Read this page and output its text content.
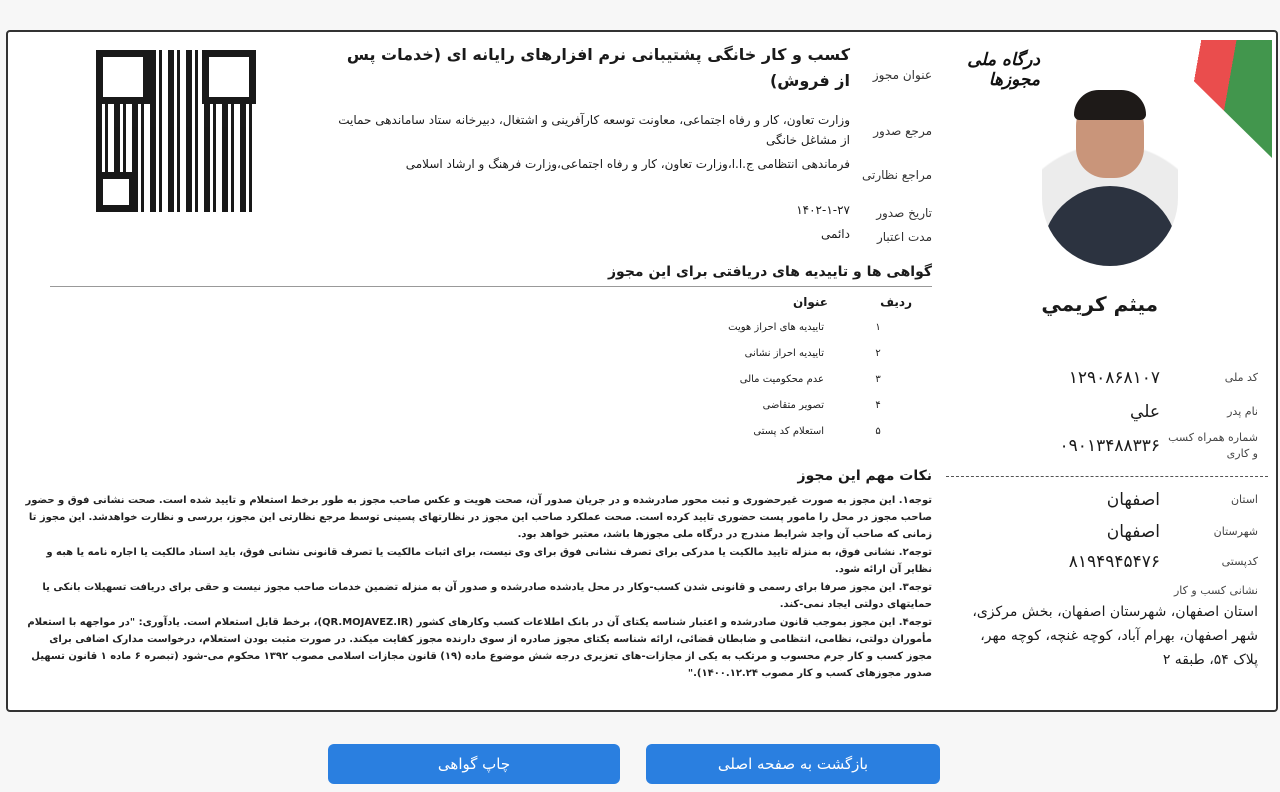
درگاه ملی مجوزها
ميثم کريمي
کد ملی
۱۲۹۰۸۶۸۱۰۷
نام پدر
علي
شماره همراه کسب و کاری
۰۹۰۱۳۴۸۸۳۳۶
استان
اصفهان
شهرستان
اصفهان
کدپستی
۸۱۹۴۹۴۵۴۷۶
نشانی کسب و کار
استان اصفهان، شهرستان اصفهان، بخش مرکزی، شهر اصفهان، بهرام آباد، کوچه غنچه، کوچه مهر، پلاک ۵۴، طبقه ۲
عنوان مجوز
کسب و کار خانگی پشتیبانی نرم افزارهای رایانه ای (خدمات پس از فروش)
مرجع صدور
وزارت تعاون، کار و رفاه اجتماعی، معاونت توسعه کارآفرینی و اشتغال، دبیرخانه ستاد ساماندهی حمایت از مشاغل خانگی
مراجع نظارتی
فرماندهی انتظامی ج.ا.ا،وزارت تعاون، کار و رفاه اجتماعی،وزارت فرهنگ و ارشاد اسلامی
تاریخ صدور
۱۴۰۲-۱-۲۷
مدت اعتبار
دائمی
گواهی ها و تاییدیه های دریافتی برای این مجوز
ردیف
عنوان
۱
تاییدیه های احراز هویت
۲
تاییدیه احراز نشانی
۳
عدم محکومیت مالی
۴
تصویر متقاضی
۵
استعلام کد پستی
نکات مهم این مجوز

توجه۱. این مجوز به صورت غیرحضوری و ثبت محور صادرشده و در جریان صدور آن، صحت هویت و عکس صاحب مجوز به طور برخط استعلام و تایید شده است. صحت نشانی فوق و حضور صاحب مجوز در محل را مامور پست حضوری تایید کرده است. صحت عملکرد صاحب این مجوز در نظارتهای پسینی توسط مرجع نظارتی این مجوز، بررسی و نظارت خواهدشد. این مجوز تا زمانی که صاحب آن واجد شرایط مندرج در درگاه ملی مجوزها باشد، معتبر خواهد بود.

توجه۲. نشانی فوق، به منزله تایید مالکیت یا مدرکی برای تصرف نشانی فوق برای وی نیست، برای اثبات مالکیت یا تصرف قانونی نشانی فوق، باید اسناد مالکیت یا اجاره نامه یا هبه و نظایر آن ارائه شود.

توجه۳. این مجوز صرفا برای رسمی و قانونی شدن کسب-وکار در محل یادشده صادرشده و صدور آن به منزله تضمین خدمات صاحب مجوز نیست و حقی برای دریافت تسهیلات بانکی یا حمایتهای دولتی ایجاد نمی-کند.

توجه۴. این مجوز بموجب قانون صادرشده و اعتبار شناسه یکتای آن در بانک اطلاعات کسب وکارهای کشور (QR.MOJAVEZ.IR)، برخط قابل استعلام است. یادآوری: "در مواجهه با استعلام مأموران دولتی، نظامی، انتظامی و ضابطان قضائی، ارائه شناسه یکتای مجوز صادره از سوی دارنده مجوز کفایت میکند. در صورت مثبت بودن استعلام، درخواست مدارک اضافی برای مجوز کسب و کار جرم محسوب و مرتکب به یکی از مجازات-های تعزیری درجه شش موضوع ماده (۱۹) قانون مجازات اسلامی مصوب ۱۳۹۲ محکوم می-شود (تبصره ۶ ماده ۱ قانون تسهیل صدور مجوزهای کسب و کار مصوب ۱۴۰۰.۱۲.۲۴)."

بازگشت به صفحه اصلی
چاپ گواهی
